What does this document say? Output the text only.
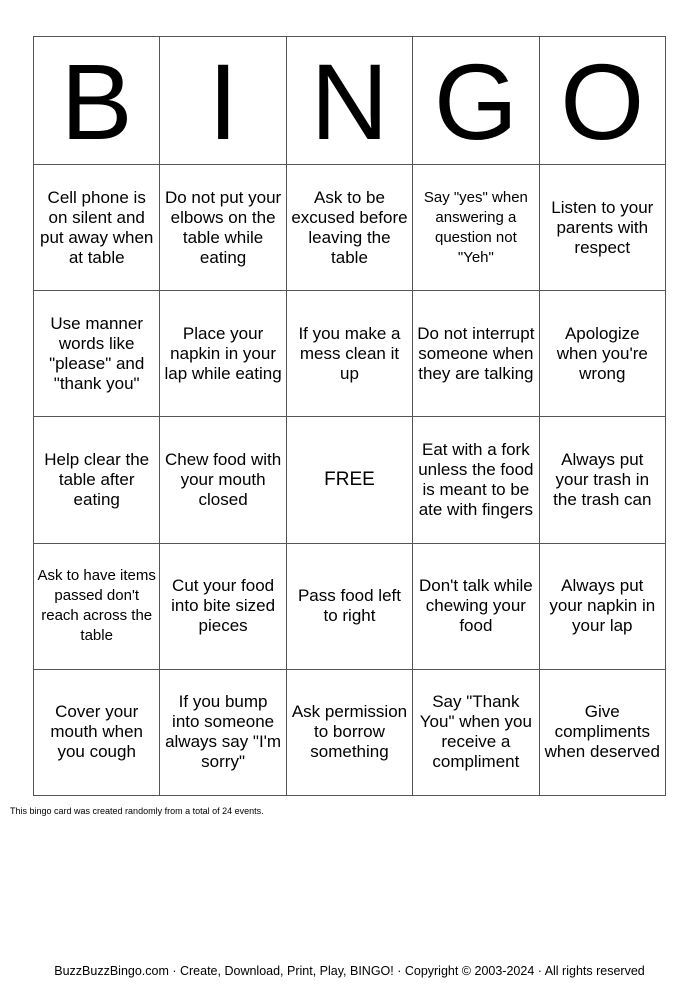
B	I	N	G	O
Cell phone is on silent and put away when at table	Do not put your elbows on the table while eating	Ask to be excused before leaving the table	Say "yes" when answering a question not "Yeh"	Listen to your parents with respect
Use manner words like "please" and "thank you"	Place your napkin in your lap while eating	If you make a mess clean it up	Do not interrupt someone when they are talking	Apologize when you're wrong
Help clear the table after eating	Chew food with your mouth closed	FREE	Eat with a fork unless the food is meant to be ate with fingers	Always put your trash in the trash can
Ask to have items passed don't reach across the table	Cut your food into bite sized pieces	Pass food left to right	Don't talk while chewing your food	Always put your napkin in your lap
Cover your mouth when you cough	If you bump into someone always say "I'm sorry"	Ask permission to borrow something	Say "Thank You" when you receive a compliment	Give compliments when deserved
This bingo card was created randomly from a total of 24 events.
BuzzBuzzBingo.com · Create, Download, Print, Play, BINGO! · Copyright © 2003-2024 · All rights reserved
